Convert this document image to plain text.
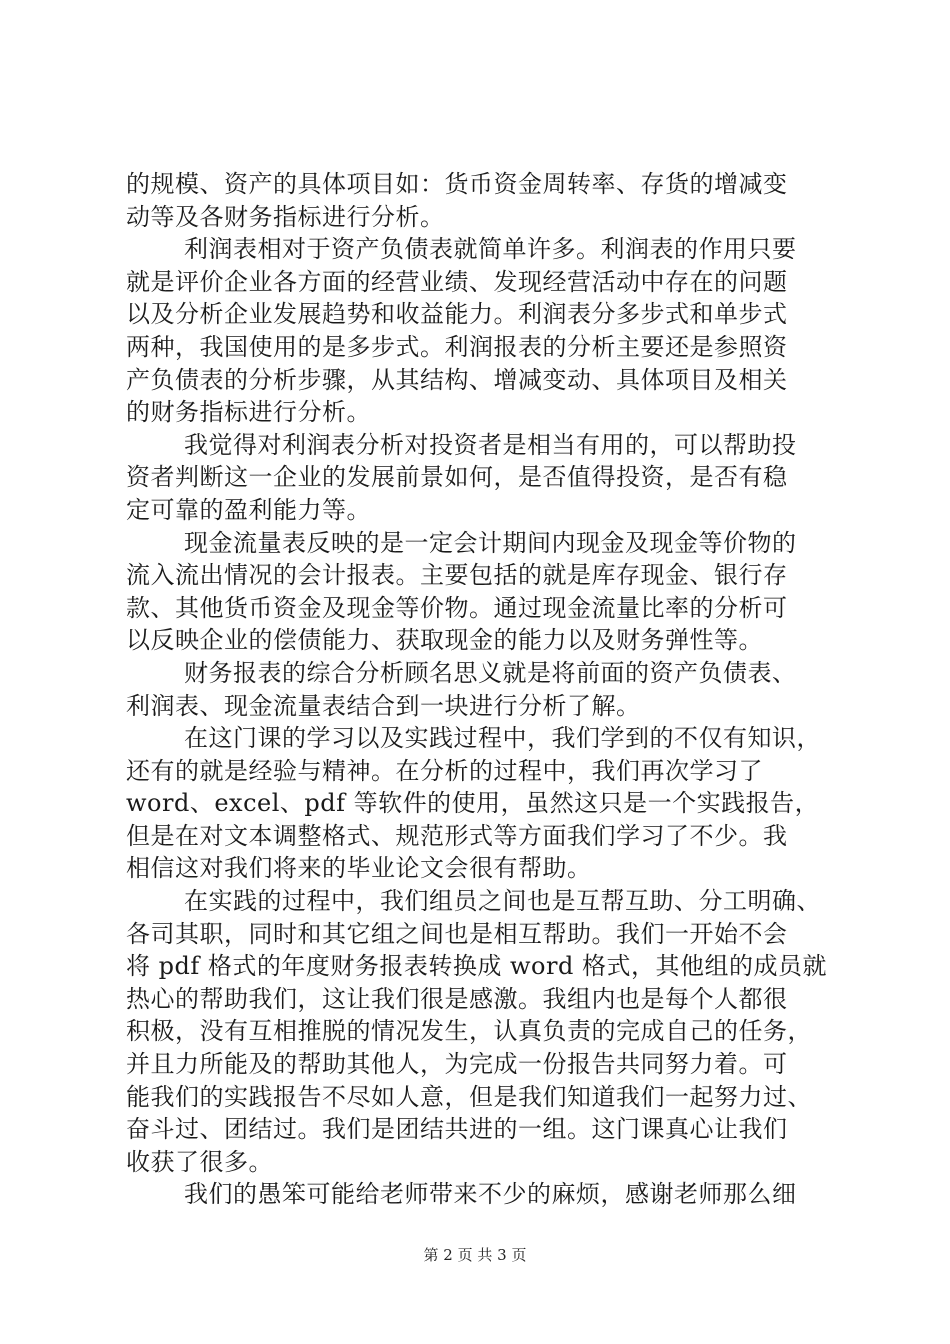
的规模、资产的具体项目如：货币资金周转率、存货的增减变
动等及各财务指标进行分析。
利润表相对于资产负债表就简单许多。利润表的作用只要
就是评价企业各方面的经营业绩、发现经营活动中存在的问题
以及分析企业发展趋势和收益能力。利润表分多步式和单步式
两种，我国使用的是多步式。利润报表的分析主要还是参照资
产负债表的分析步骤，从其结构、增减变动、具体项目及相关
的财务指标进行分析。
我觉得对利润表分析对投资者是相当有用的，可以帮助投
资者判断这一企业的发展前景如何，是否值得投资，是否有稳
定可靠的盈利能力等。
现金流量表反映的是一定会计期间内现金及现金等价物的
流入流出情况的会计报表。主要包括的就是库存现金、银行存
款、其他货币资金及现金等价物。通过现金流量比率的分析可
以反映企业的偿债能力、获取现金的能力以及财务弹性等。
财务报表的综合分析顾名思义就是将前面的资产负债表、
利润表、现金流量表结合到一块进行分析了解。
在这门课的学习以及实践过程中，我们学到的不仅有知识，
还有的就是经验与精神。在分析的过程中，我们再次学习了
word、excel、pdf 等软件的使用，虽然这只是一个实践报告，
但是在对文本调整格式、规范形式等方面我们学习了不少。我
相信这对我们将来的毕业论文会很有帮助。
在实践的过程中，我们组员之间也是互帮互助、分工明确、
各司其职，同时和其它组之间也是相互帮助。我们一开始不会
将 pdf 格式的年度财务报表转换成 word 格式，其他组的成员就
热心的帮助我们，这让我们很是感激。我组内也是每个人都很
积极，没有互相推脱的情况发生，认真负责的完成自己的任务，
并且力所能及的帮助其他人，为完成一份报告共同努力着。可
能我们的实践报告不尽如人意，但是我们知道我们一起努力过、
奋斗过、团结过。我们是团结共进的一组。这门课真心让我们
收获了很多。
我们的愚笨可能给老师带来不少的麻烦，感谢老师那么细
第 2 页 共 3 页
